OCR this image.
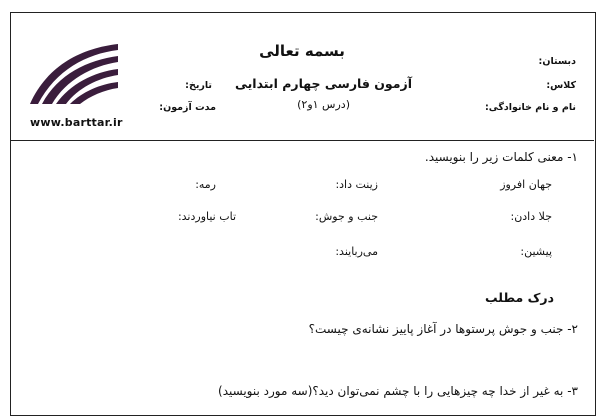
بسمه تعالی
www.barttar.ir
دبستان:
کلاس:
نام و نام خانوادگی:
آزمون فارسی چهارم ابتدایی
(درس ۱و۲)
تاریخ:
مدت آزمون:
۱- معنی کلمات زیر را بنویسید.
جهان افروز
زینت داد:
رمه:
جلا دادن:
جنب و جوش:
تاب نیاوردند:
پیشین:
می‌ربایند:
درک مطلب
۲- جنب و جوش پرستوها در آغاز پاییز نشانه‌ی چیست؟
۳- به غیر از خدا چه چیزهایی را با چشم نمی‌توان دید؟(سه مورد بنویسید)
